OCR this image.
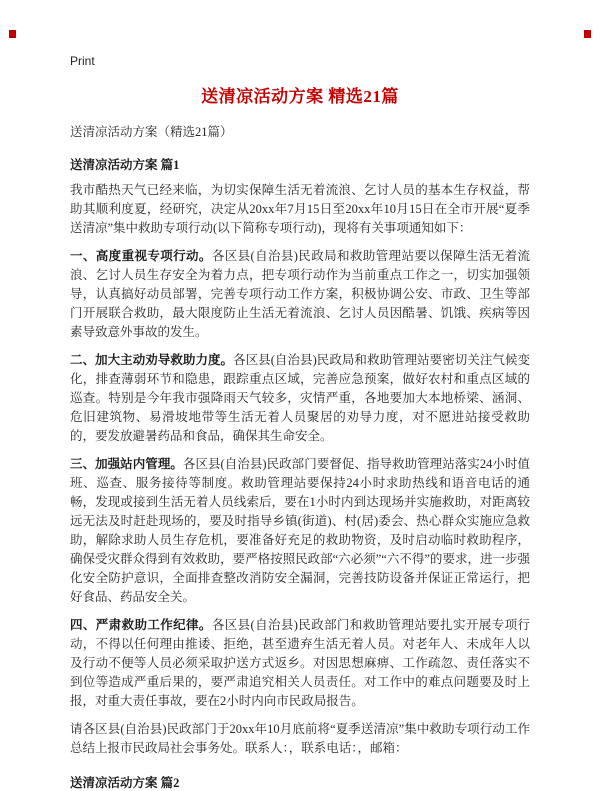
Print
送清凉活动方案 精选21篇
送清凉活动方案（精选21篇）
送清凉活动方案 篇1

我市酷热天气已经来临，为切实保障生活无着流浪、乞讨人员的基本生存权益，帮助其顺利度夏，经研究，决定从20xx年7月15日至20xx年10月15日在全市开展“夏季送清凉”集中救助专项行动(以下简称专项行动)，现将有关事项通知如下：

一、高度重视专项行动。各区县(自治县)民政局和救助管理站要以保障生活无着流浪、乞讨人员生存安全为着力点，把专项行动作为当前重点工作之一，切实加强领导，认真搞好动员部署，完善专项行动工作方案，积极协调公安、市政、卫生等部门开展联合救助，最大限度防止生活无着流浪、乞讨人员因酷暑、饥饿、疾病等因素导致意外事故的发生。

二、加大主动劝导救助力度。各区县(自治县)民政局和救助管理站要密切关注气候变化，排查薄弱环节和隐患，跟踪重点区域，完善应急预案，做好农村和重点区域的巡查。特别是今年我市强降雨天气较多，灾情严重，各地要加大本地桥梁、涵洞、危旧建筑物、易滑坡地带等生活无着人员聚居的劝导力度，对不愿进站接受救助的，要发放避暑药品和食品，确保其生命安全。

三、加强站内管理。各区县(自治县)民政部门要督促、指导救助管理站落实24小时值班、巡查、服务接待等制度。救助管理站要保持24小时求助热线和语音电话的通畅，发现或接到生活无着人员线索后，要在1小时内到达现场并实施救助，对距离较远无法及时赶赴现场的，要及时指导乡镇(街道)、村(居)委会、热心群众实施应急救助，解除求助人员生存危机，要准备好充足的救助物资，及时启动临时救助程序，确保受灾群众得到有效救助，要严格按照民政部“六必须”“六不得”的要求，进一步强化安全防护意识，全面排查整改消防安全漏洞，完善技防设备并保证正常运行，把好食品、药品安全关。

四、严肃救助工作纪律。各区县(自治县)民政部门和救助管理站要扎实开展专项行动，不得以任何理由推诿、拒绝，甚至遗弃生活无着人员。对老年人、未成年人以及行动不便等人员必须采取护送方式返乡。对因思想麻痹、工作疏忽、责任落实不到位等造成严重后果的，要严肃追究相关人员责任。对工作中的难点问题要及时上报，对重大责任事故，要在2小时内向市民政局报告。

请各区县(自治县)民政部门于20xx年10月底前将“夏季送清凉”集中救助专项行动工作总结上报市民政局社会事务处。联系人：，联系电话：，邮箱：

送清凉活动方案 篇2
